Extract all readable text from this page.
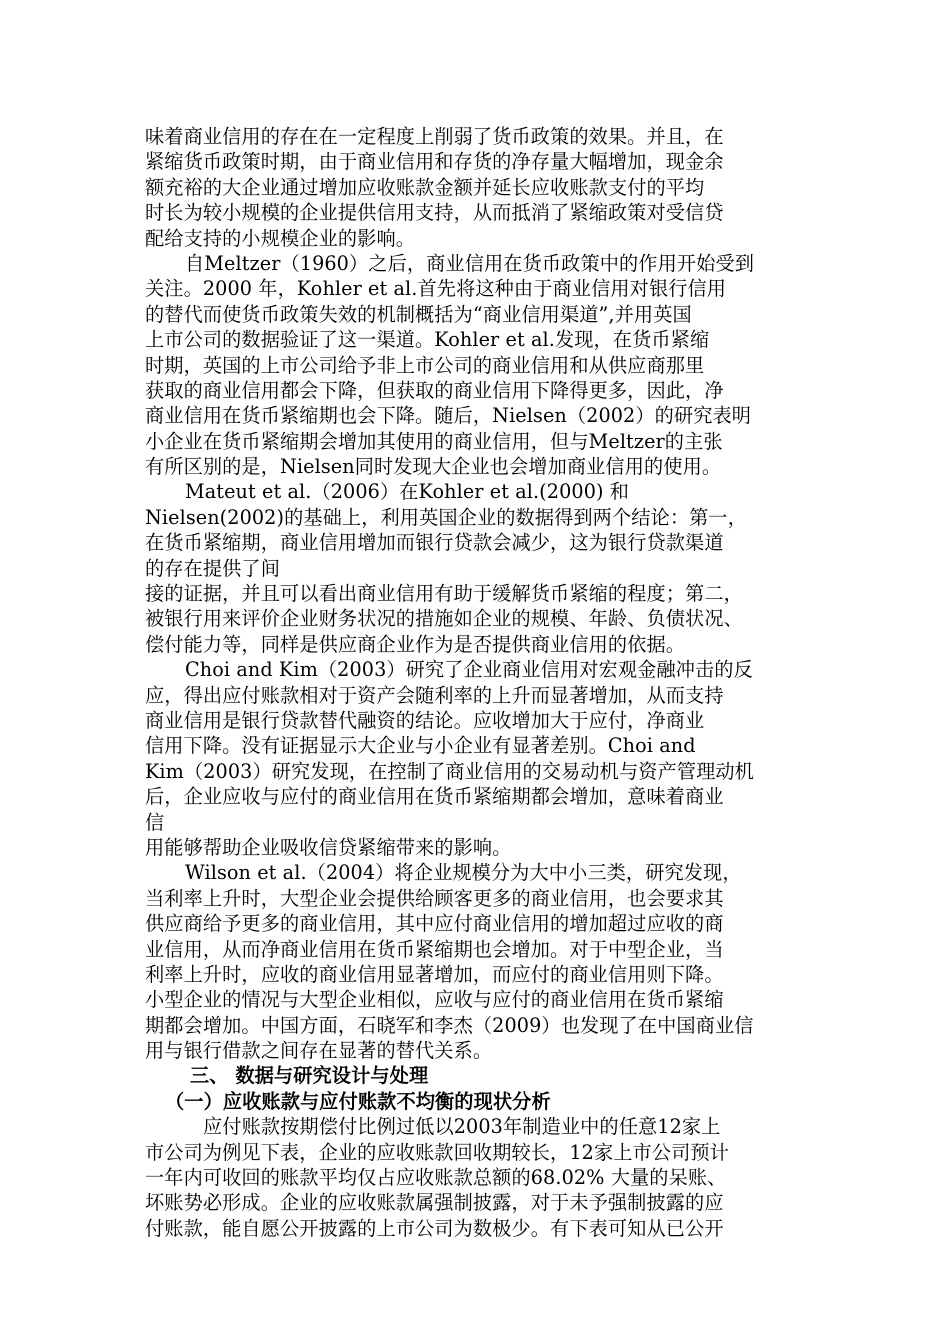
味着商业信用的存在在一定程度上削弱了货币政策的效果。并且，在
紧缩货币政策时期，由于商业信用和存货的净存量大幅增加，现金余
额充裕的大企业通过增加应收账款金额并延长应收账款支付的平均
时长为较小规模的企业提供信用支持，从而抵消了紧缩政策对受信贷
配给支持的小规模企业的影响。
自Meltzer（1960）之后，商业信用在货币政策中的作用开始受到
关注。2000 年，Kohler et al.首先将这种由于商业信用对银行信用
的替代而使货币政策失效的机制概括为“商业信用渠道”,并用英国
上市公司的数据验证了这一渠道。Kohler et al.发现，在货币紧缩
时期，英国的上市公司给予非上市公司的商业信用和从供应商那里
获取的商业信用都会下降，但获取的商业信用下降得更多，因此，净
商业信用在货币紧缩期也会下降。随后，Nielsen（2002）的研究表明
小企业在货币紧缩期会增加其使用的商业信用，但与Meltzer的主张
有所区别的是，Nielsen同时发现大企业也会增加商业信用的使用。
Mateut et al.（2006）在Kohler et al.(2000) 和
Nielsen(2002)的基础上，利用英国企业的数据得到两个结论：第一，
在货币紧缩期，商业信用增加而银行贷款会减少，这为银行贷款渠道
的存在提供了间
接的证据，并且可以看出商业信用有助于缓解货币紧缩的程度；第二，
被银行用来评价企业财务状况的措施如企业的规模、年龄、负债状况、
偿付能力等，同样是供应商企业作为是否提供商业信用的依据。
Choi and Kim（2003）研究了企业商业信用对宏观金融冲击的反
应，得出应付账款相对于资产会随利率的上升而显著增加，从而支持
商业信用是银行贷款替代融资的结论。应收增加大于应付，净商业
信用下降。没有证据显示大企业与小企业有显著差别。Choi and
Kim（2003）研究发现，在控制了商业信用的交易动机与资产管理动机
后，企业应收与应付的商业信用在货币紧缩期都会增加，意味着商业
信
用能够帮助企业吸收信贷紧缩带来的影响。
Wilson et al.（2004）将企业规模分为大中小三类，研究发现，
当利率上升时，大型企业会提供给顾客更多的商业信用，也会要求其
供应商给予更多的商业信用，其中应付商业信用的增加超过应收的商
业信用，从而净商业信用在货币紧缩期也会增加。对于中型企业，当
利率上升时，应收的商业信用显著增加，而应付的商业信用则下降。
小型企业的情况与大型企业相似，应收与应付的商业信用在货币紧缩
期都会增加。中国方面，石晓军和李杰（2009）也发现了在中国商业信
用与银行借款之间存在显著的替代关系。
三、 数据与研究设计与处理
（一）应收账款与应付账款不均衡的现状分析
应付账款按期偿付比例过低以2003年制造业中的任意12家上
市公司为例见下表，企业的应收账款回收期较长，12家上市公司预计
一年内可收回的账款平均仅占应收账款总额的68.02% 大量的呆账、
坏账势必形成。企业的应收账款属强制披露，对于未予强制披露的应
付账款，能自愿公开披露的上市公司为数极少。有下表可知从已公开
